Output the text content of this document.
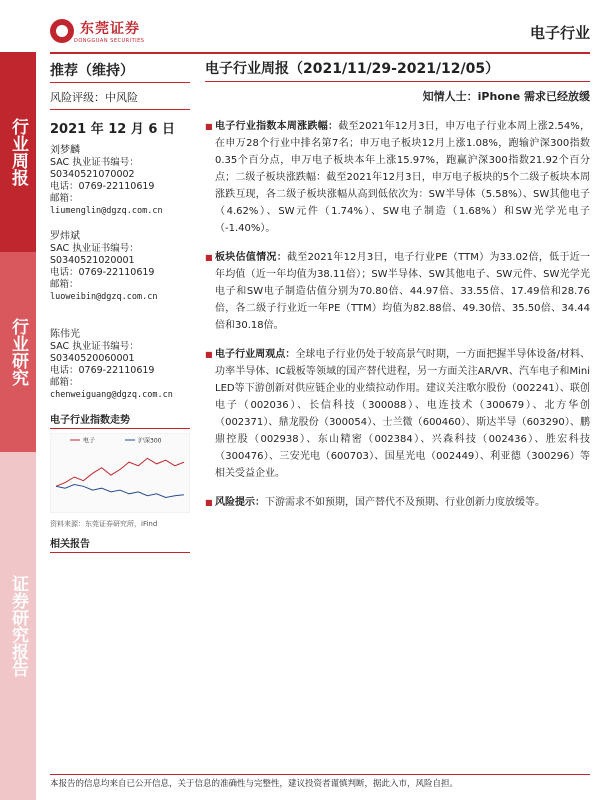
行业周报
行业研究
证券研究报告
东莞证券
DONGGUAN SECURITIES	电子行业
推荐（维持）
风险评级：中风险
2021 年 12 月 6 日
刘梦麟
SAC 执业证书编号：
S0340521070002
电话：0769-22110619
邮箱：
liumenglin@dgzq.com.cn
罗炜斌
SAC 执业证书编号：
S0340521020001
电话：0769-22110619
邮箱：
luoweibin@dgzq.com.cn
陈伟光
SAC 执业证书编号：
S0340520060001
电话：0769-22110619
邮箱：
chenweiguang@dgzq.com.cn
电子行业指数走势
电子	沪深300
资料来源：东莞证券研究所，iFind
相关报告
电子行业周报（2021/11/29-2021/12/05）
知情人士：iPhone 需求已经放缓
■ 电子行业指数本周涨跌幅：截至2021年12月3日，申万电子行业本周上涨2.54%，在申万28个行业中排名第7名；申万电子板块12月上涨1.08%，跑输沪深300指数0.35个百分点，申万电子板块本年上涨15.97%，跑赢沪深300指数21.92个百分点；二级子板块涨跌幅：截至2021年12月3日，申万电子板块的5个二级子板块本周涨跌互现，各二级子板块涨幅从高到低依次为：SW半导体（5.58%）、SW其他电子（4.62%）、SW元件（1.74%）、SW电子制造（1.68%）和SW光学光电子（-1.40%）。
■ 板块估值情况：截至2021年12月3日，电子行业PE（TTM）为33.02倍，低于近一年均值（近一年均值为38.11倍）；SW半导体、SW其他电子、SW元件、SW光学光电子和SW电子制造估值分别为70.80倍、44.97倍、33.55倍、17.49倍和28.76倍，各二级子行业近一年PE（TTM）均值为82.88倍、49.30倍、35.50倍、34.44倍和30.18倍。
■ 电子行业周观点：全球电子行业仍处于较高景气时期，一方面把握半导体设备/材料、功率半导体、IC载板等领域的国产替代进程，另一方面关注AR/VR、汽车电子和Mini LED等下游创新对供应链企业的业绩拉动作用。建议关注歌尔股份（002241）、联创电子（002036）、长信科技（300088）、电连技术（300679）、北方华创（002371）、鼎龙股份（300054）、士兰微（600460）、斯达半导（603290）、鹏鼎控股（002938）、东山精密（002384）、兴森科技（002436）、胜宏科技（300476）、三安光电（600703）、国星光电（002449）、利亚德（300296）等相关受益企业。
■ 风险提示：下游需求不如预期，国产替代不及预期、行业创新力度放缓等。
本报告的信息均来自已公开信息，关于信息的准确性与完整性，建议投资者谨慎判断，据此入市，风险自担。
